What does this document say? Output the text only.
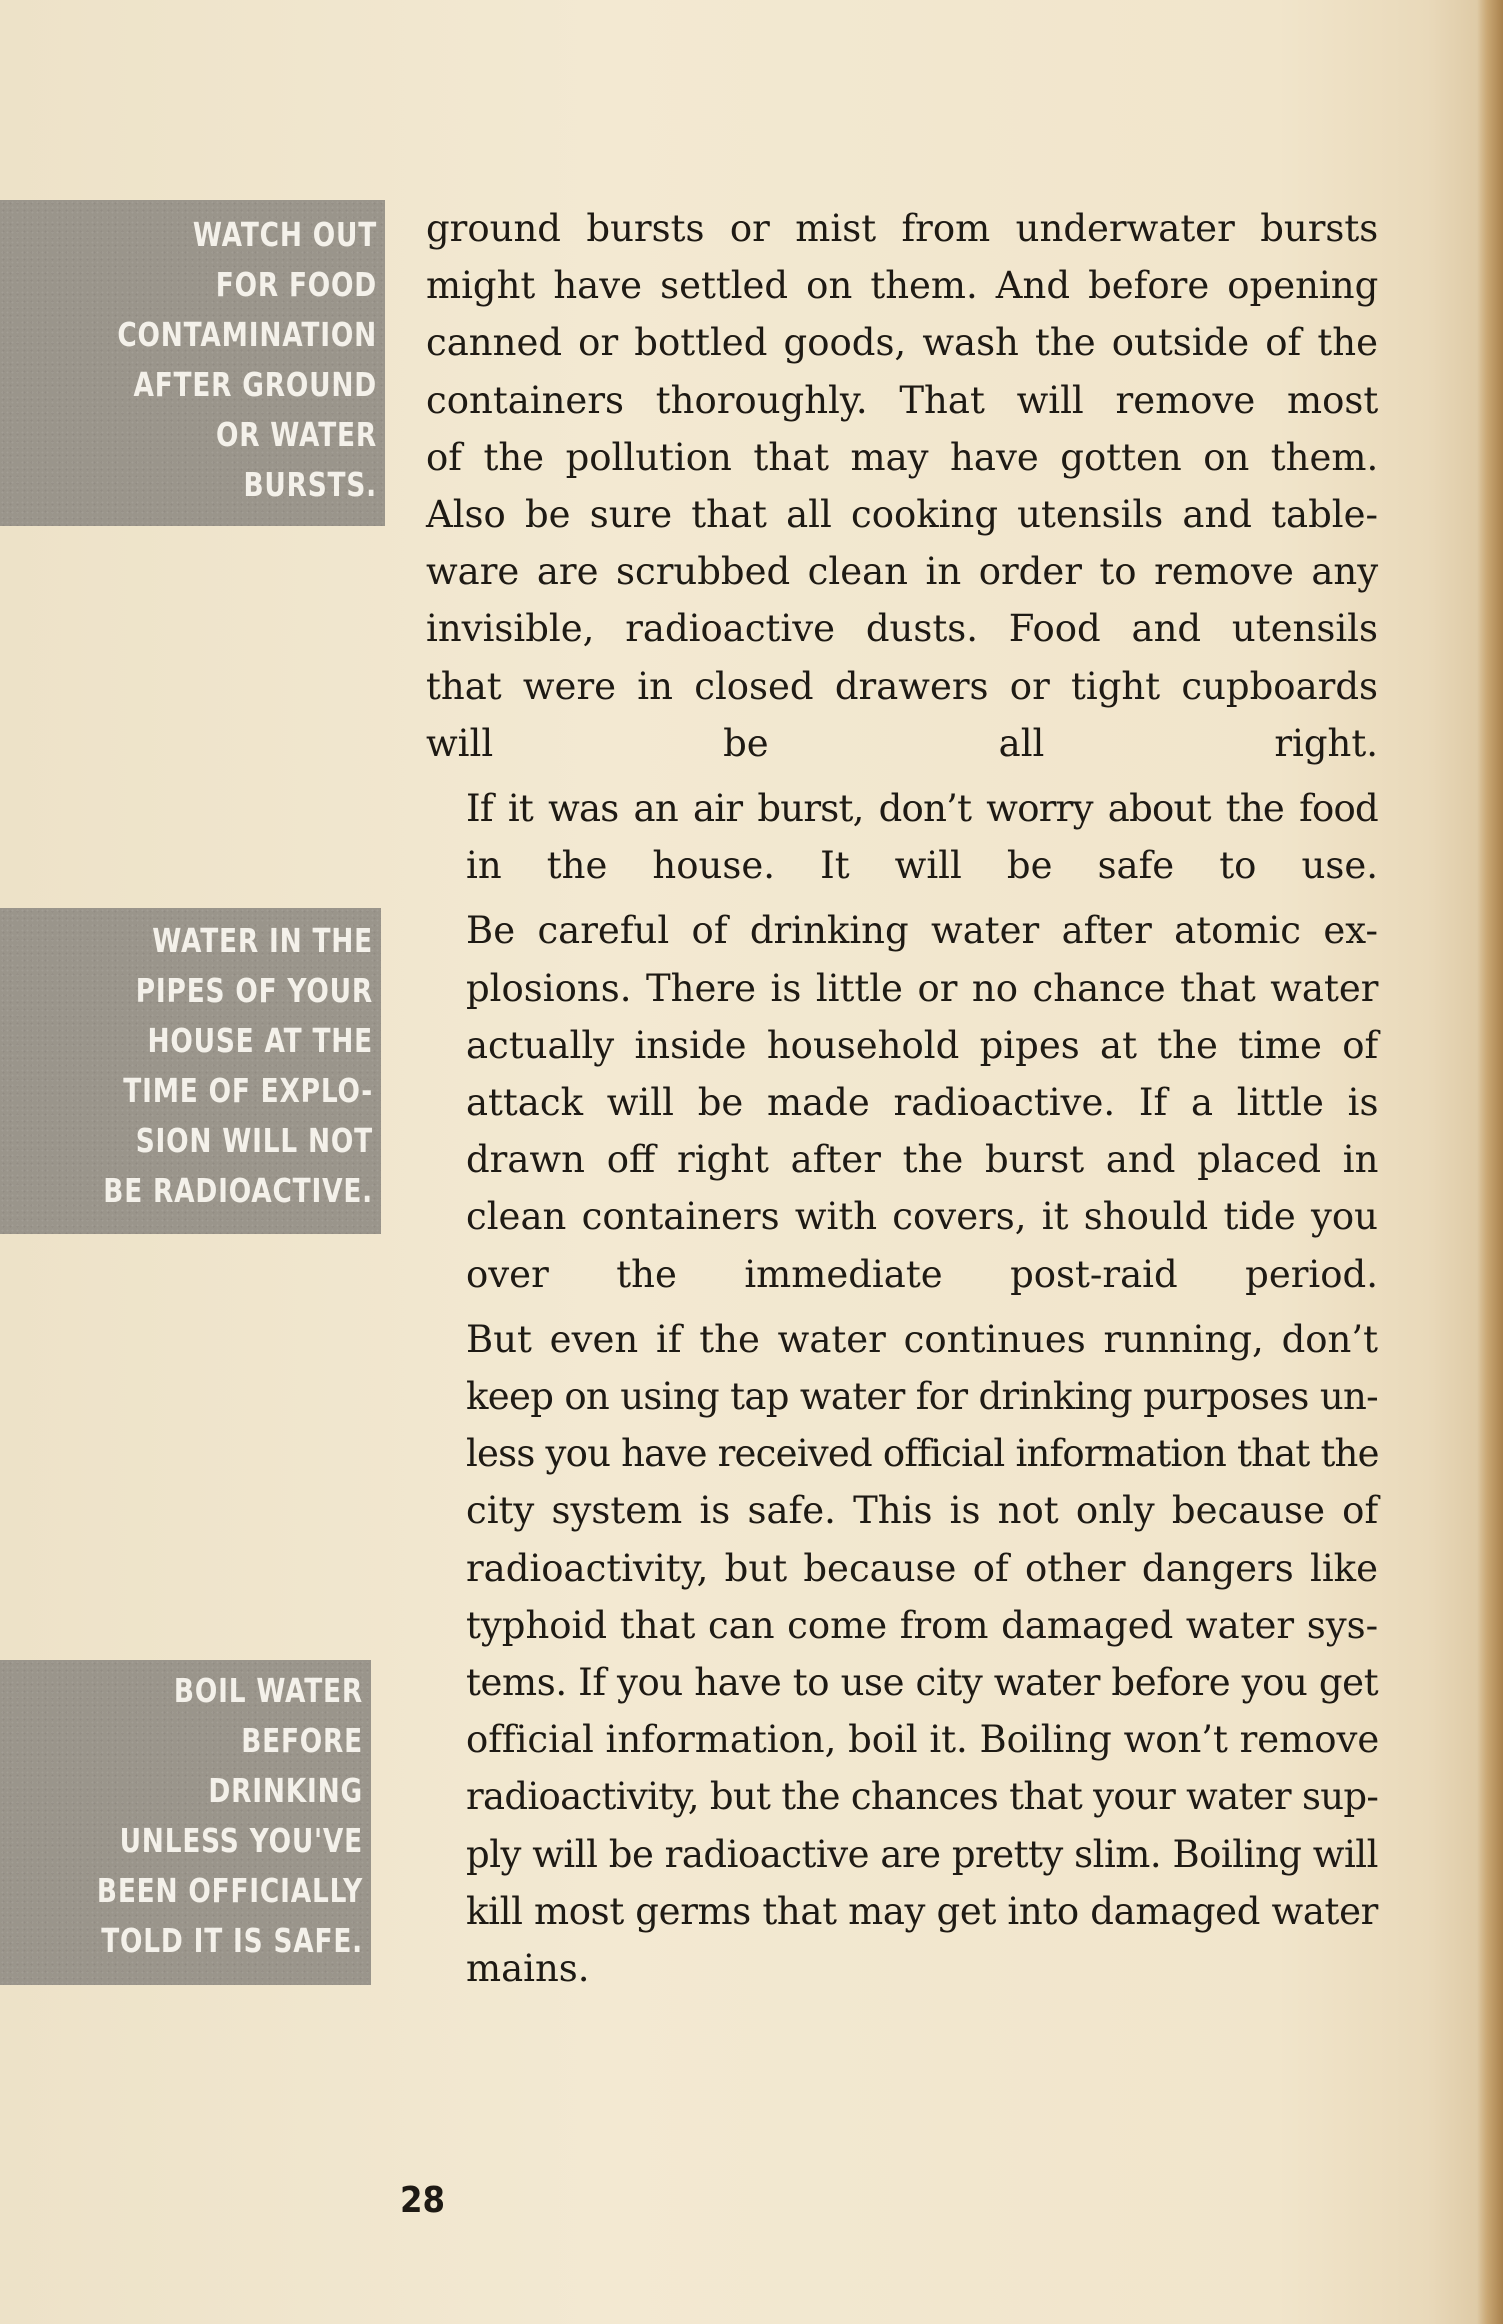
WATCH OUT
FOR FOOD
CONTAMINATION
AFTER GROUND
OR WATER
BURSTS.
WATER IN THE
PIPES OF YOUR
HOUSE AT THE
TIME OF EXPLO-
SION WILL NOT
BE RADIOACTIVE.
BOIL WATER
BEFORE
DRINKING
UNLESS YOU'VE
BEEN OFFICIALLY
TOLD IT IS SAFE.

ground bursts or mist from underwater bursts
might have settled on them. And before opening
canned or bottled goods, wash the outside of the
containers thoroughly. That will remove most
of the pollution that may have gotten on them.
Also be sure that all cooking utensils and table-
ware are scrubbed clean in order to remove any
invisible, radioactive dusts. Food and utensils
that were in closed drawers or tight cupboards
will be all right.

If it was an air burst, don’t worry about the food
in the house. It will be safe to use.

Be careful of drinking water after atomic ex-
plosions. There is little or no chance that water
actually inside household pipes at the time of
attack will be made radioactive. If a little is
drawn off right after the burst and placed in
clean containers with covers, it should tide you
over the immediate post-raid period.

But even if the water continues running, don’t
keep on using tap water for drinking purposes un-
less you have received official information that the
city system is safe. This is not only because of
radioactivity, but because of other dangers like
typhoid that can come from damaged water sys-
tems. If you have to use city water before you get
official information, boil it. Boiling won’t remove
radioactivity, but the chances that your water sup-
ply will be radioactive are pretty slim. Boiling will
kill most germs that may get into damaged water
mains.

28
